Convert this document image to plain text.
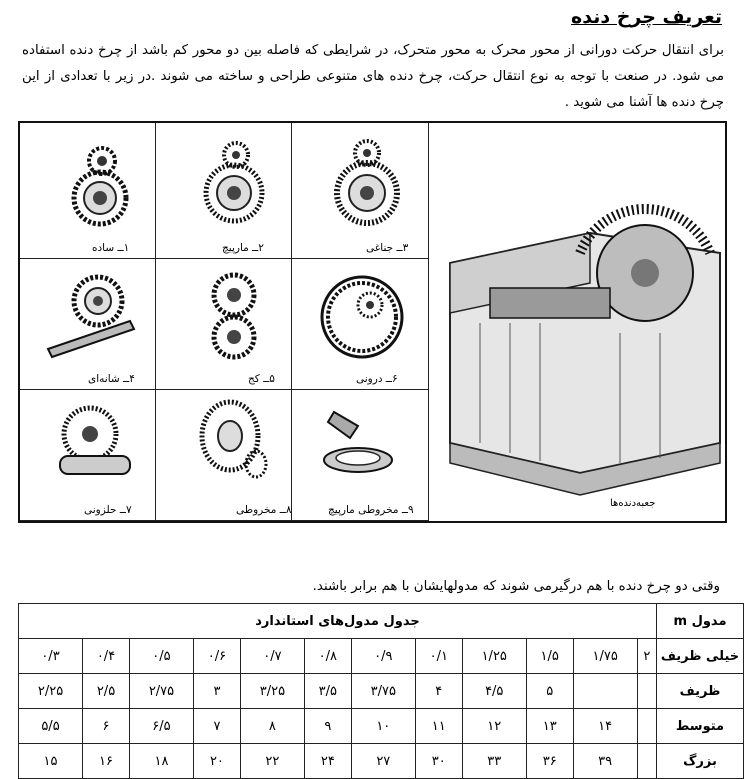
تعریف چرخ دنده
برای انتقال حرکت دورانی از محور محرک به محور متحرک، در شرایطی که فاصله بین دو محور کم باشد از چرخ دنده استفاده می شود. در صنعت با توجه به نوع انتقال حرکت، چرخ دنده های متنوعی طراحی و ساخته می شوند .در زیر با تعدادی از این چرخ دنده ها آشنا می شوید .
۱ــ ساده	۲ــ مارپیچ	۳ــ جناغی
۴ــ شانه‌ای	۵ــ کج	۶ــ درونی
۷ــ حلزونی	۸ــ مخروطی	۹ــ مخروطی مارپیچ
جعبه‌دنده‌ها
وقتی دو چرخ دنده با هم درگیرمی شوند که مدولهایشان با هم برابر باشند.
مدول m	جدول مدول‌های استاندارد											
خیلی ظریف	۲	۱/۷۵	۱/۵	۱/۲۵	۰/۱	۰/۹	۰/۸	۰/۷	۰/۶	۰/۵	۰/۴	۰/۳
ظریف			۵	۴/۵	۴	۳/۷۵	۳/۵	۳/۲۵	۳	۲/۷۵	۲/۵	۲/۲۵
متوسط		۱۴	۱۳	۱۲	۱۱	۱۰	۹	۸	۷	۶/۵	۶	۵/۵
بزرگ		۳۹	۳۶	۳۳	۳۰	۲۷	۲۴	۲۲	۲۰	۱۸	۱۶	۱۵
